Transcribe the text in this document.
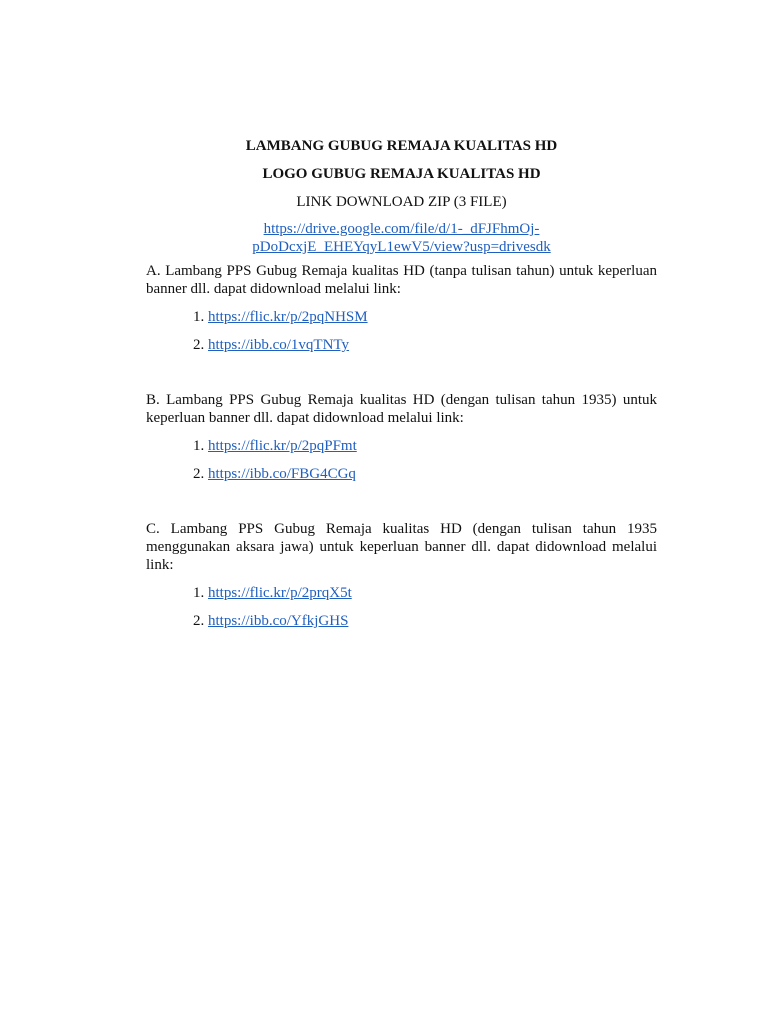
LAMBANG GUBUG REMAJA KUALITAS HD

LOGO GUBUG REMAJA KUALITAS HD

LINK DOWNLOAD ZIP (3 FILE)
https://drive.google.com/file/d/1-_dFJFhmOj-
pDoDcxjE_EHEYqyL1ewV5/view?usp=drivesdk

A. Lambang PPS Gubug Remaja kualitas HD (tanpa tulisan tahun) untuk keperluan banner dll. dapat didownload melalui link:

1. https://flic.kr/p/2pqNHSM
2. https://ibb.co/1vqTNTy

B. Lambang PPS Gubug Remaja kualitas HD (dengan tulisan tahun 1935) untuk keperluan banner dll. dapat didownload melalui link:

1. https://flic.kr/p/2pqPFmt
2. https://ibb.co/FBG4CGq

C. Lambang PPS Gubug Remaja kualitas HD (dengan tulisan tahun 1935 menggunakan aksara jawa) untuk keperluan banner dll. dapat didownload melalui link:

1. https://flic.kr/p/2prqX5t
2. https://ibb.co/YfkjGHS
